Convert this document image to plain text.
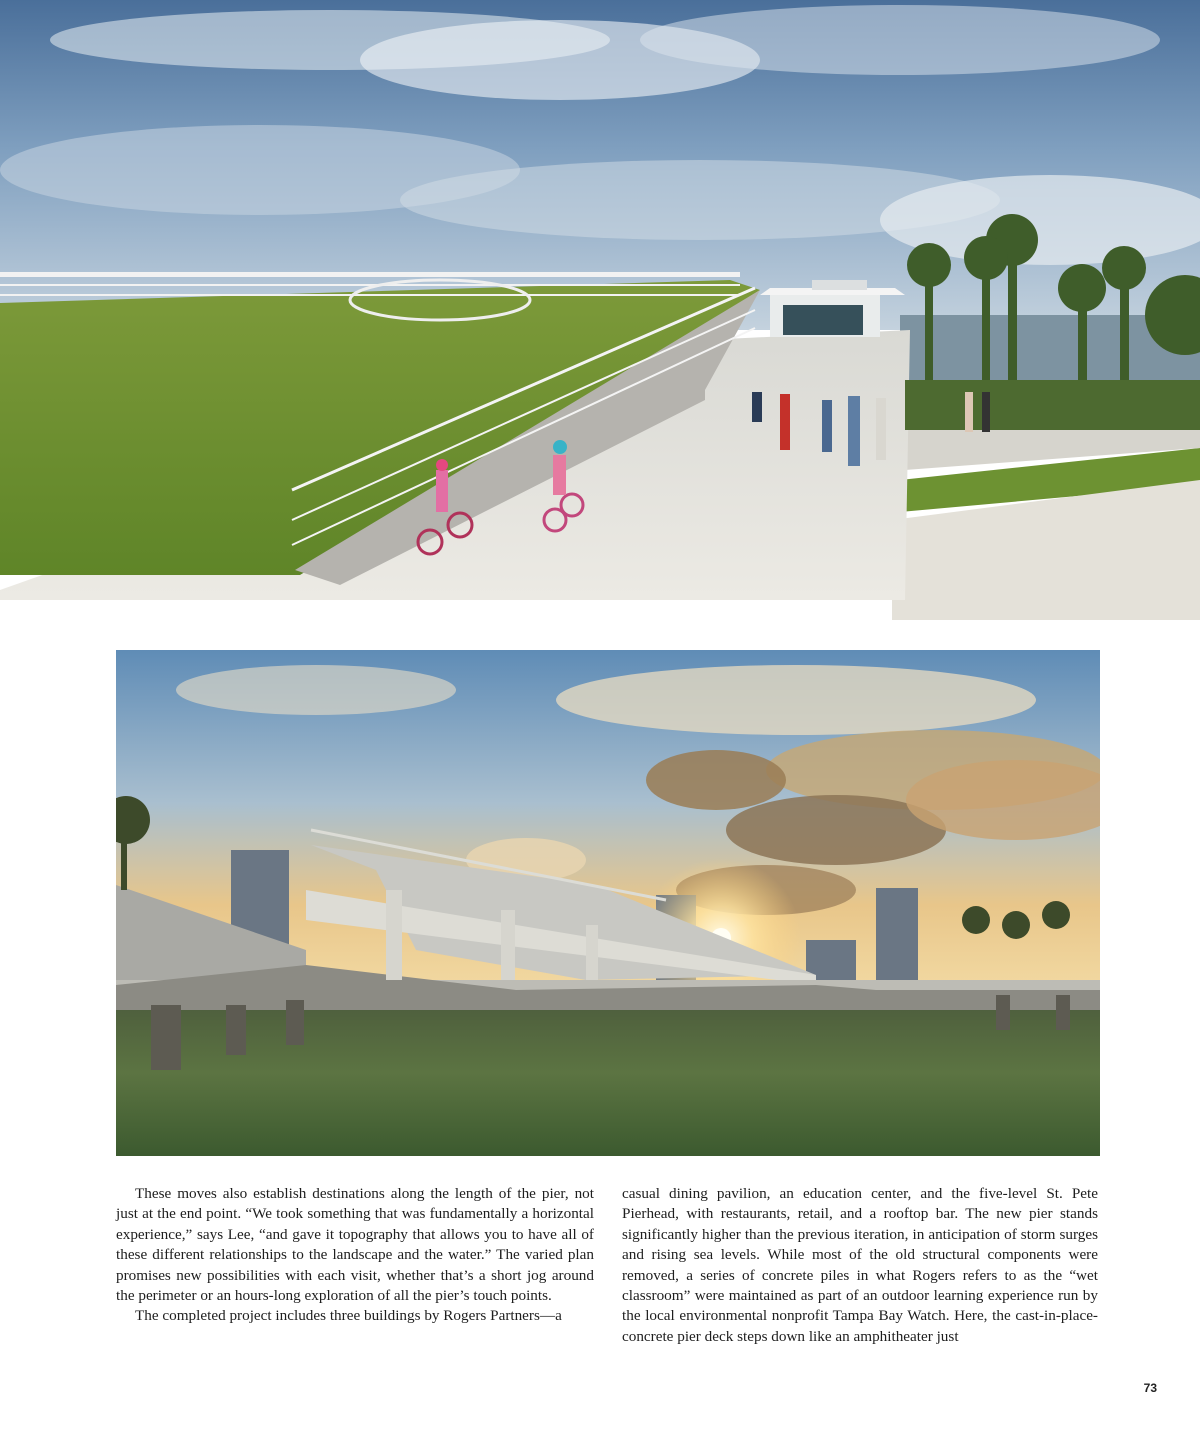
These moves also establish destinations along the length of the pier, not just at the end point. “We took something that was fundamentally a horizontal experience,” says Lee, “and gave it topography that allows you to have all of these different relationships to the landscape and the water.” The varied plan promises new possibilities with each visit, whether that’s a short jog around the perimeter or an hours-long exploration of all the pier’s touch points.

The completed project includes three buildings by Rogers Partners—a

casual dining pavilion, an education center, and the five-level St. Pete Pierhead, with restaurants, retail, and a rooftop bar. The new pier stands significantly higher than the previous iteration, in anticipation of storm surges and rising sea levels. While most of the old structural components were removed, a series of concrete piles in what Rogers refers to as the “wet classroom” were maintained as part of an outdoor learning experience run by the local environmental nonprofit Tampa Bay Watch. Here, the cast-in-place-concrete pier deck steps down like an amphitheater just

73
